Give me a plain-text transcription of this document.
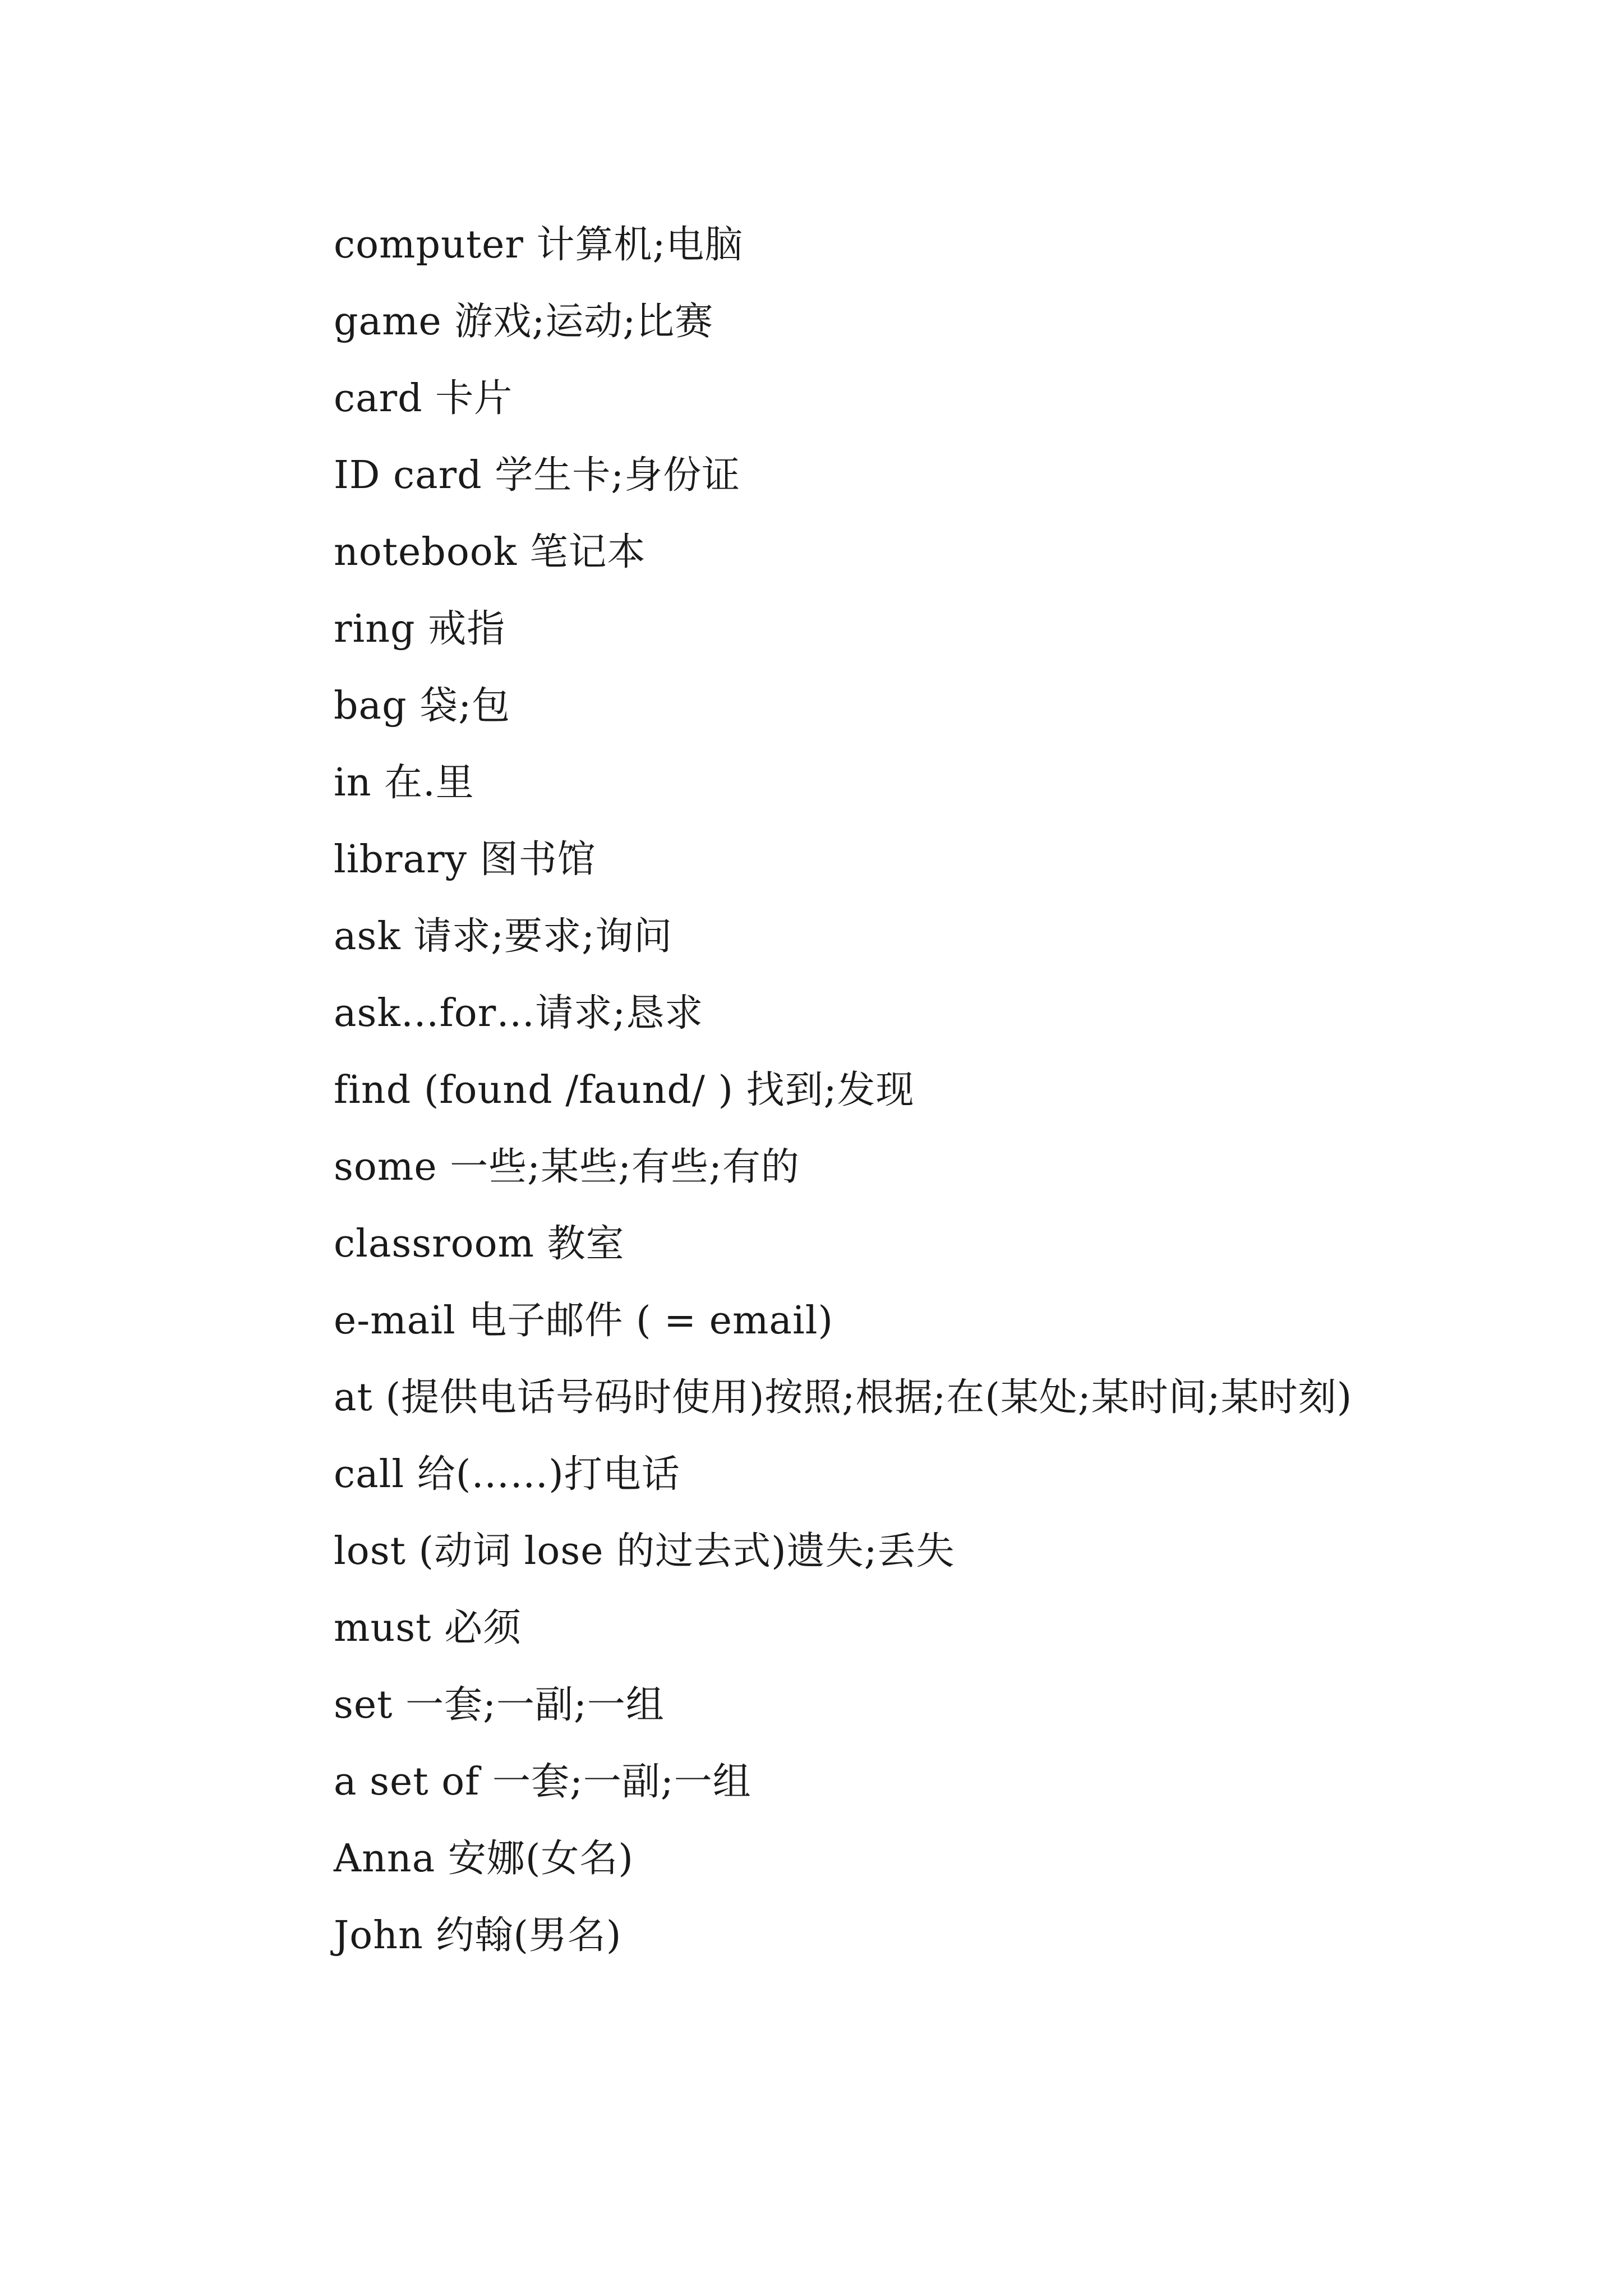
computer 计算机;电脑

game 游戏;运动;比赛

card 卡片

ID card 学生卡;身份证

notebook 笔记本

ring 戒指

bag 袋;包

in 在.里

library 图书馆

ask 请求;要求;询问

ask…for…请求;恳求

find (found /faund/ ) 找到;发现

some 一些;某些;有些;有的

classroom 教室

e-mail 电子邮件 ( = email)

at (提供电话号码时使用)按照;根据;在(某处;某时间;某时刻)

call 给(……)打电话

lost (动词 lose 的过去式)遗失;丢失

must 必须

set 一套;一副;一组

a set of 一套;一副;一组

Anna 安娜(女名)

John 约翰(男名)
